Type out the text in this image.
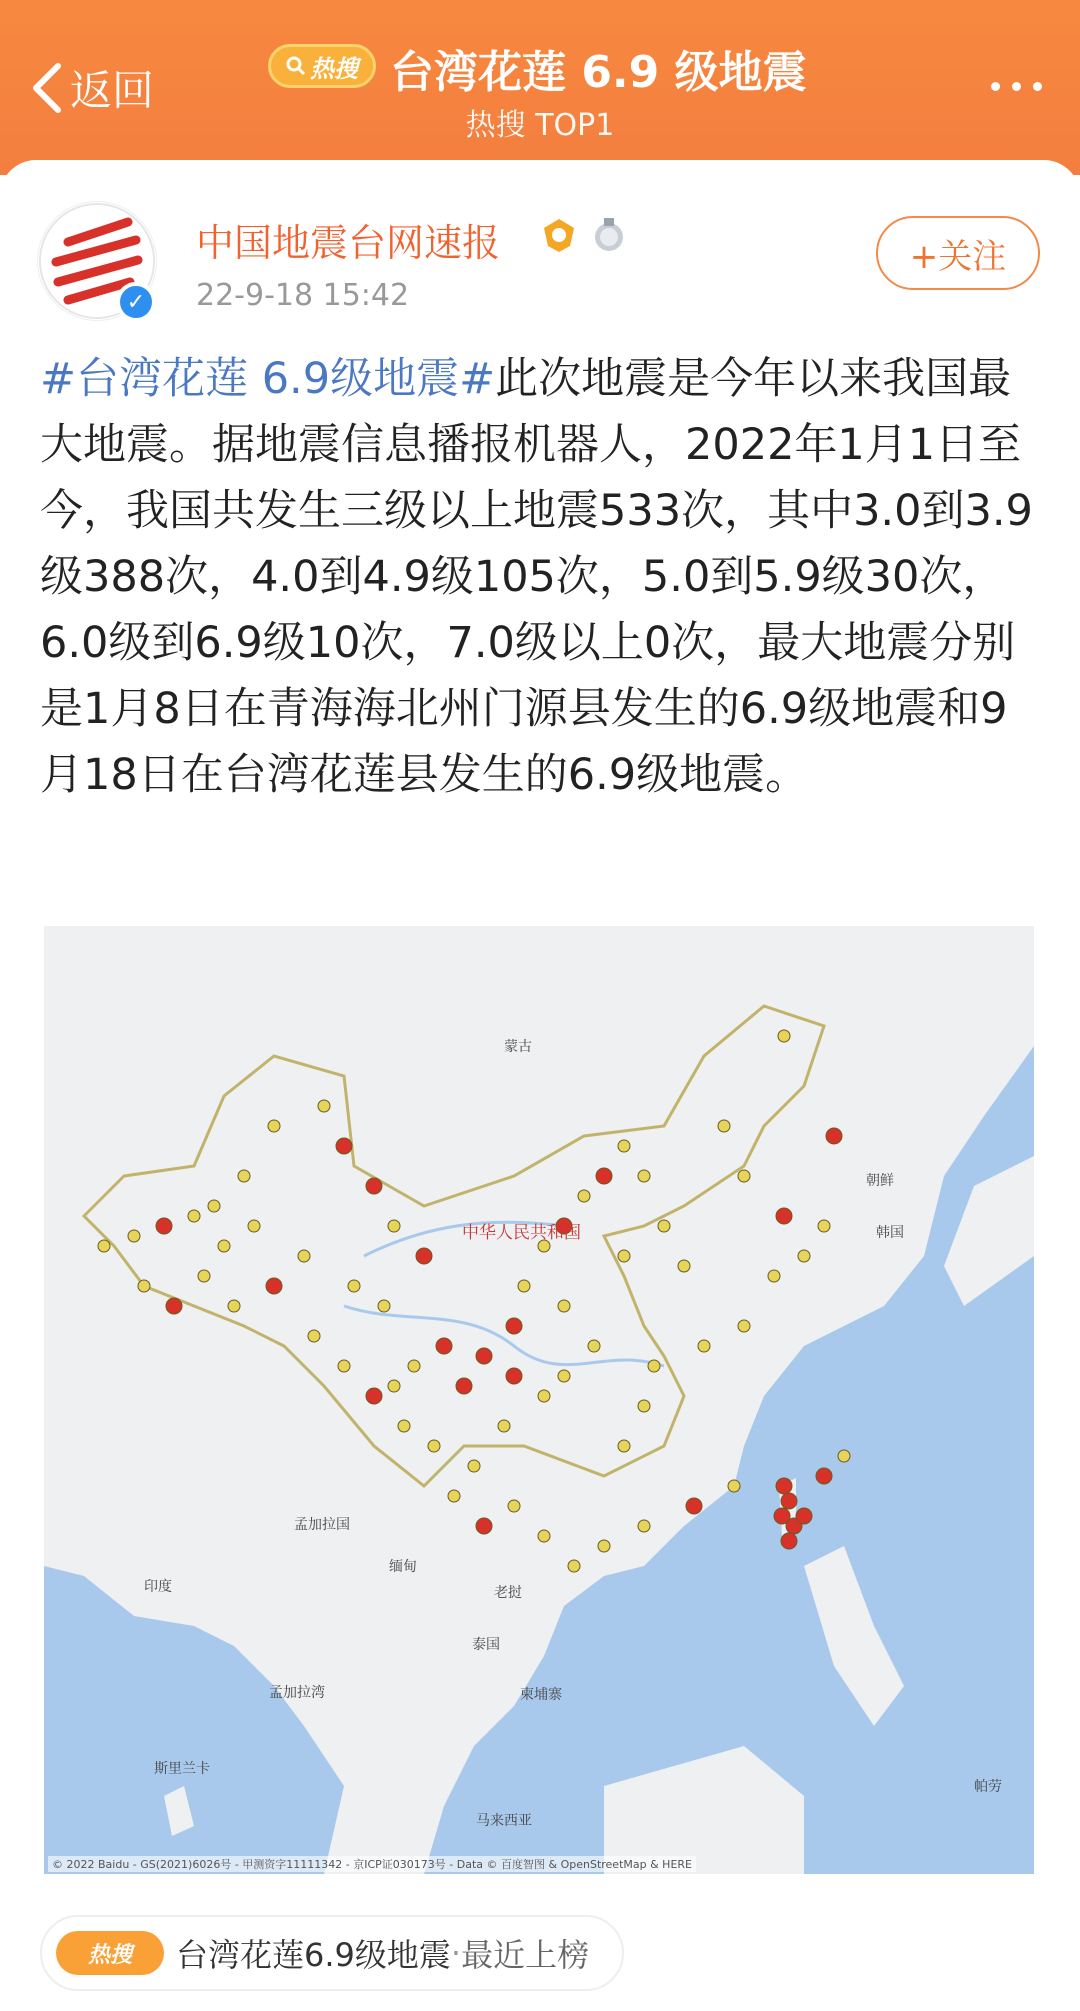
返回	热搜 台湾花莲 6.9 级地震
热搜 TOP1
✓
中国地震台网速报
22-9-18 15:42
+关注
#台湾花莲 6.9级地震#此次地震是今年以来我国最大地震。据地震信息播报机器人，2022年1月1日至今，我国共发生三级以上地震533次，其中3.0到3.9级388次，4.0到4.9级105次，5.0到5.9级30次，6.0级到6.9级10次，7.0级以上0次，最大地震分别是1月8日在青海海北州门源县发生的6.9级地震和9月18日在台湾花莲县发生的6.9级地震。
蒙古
中华人民共和国
朝鲜
韩国
印度
孟加拉国
缅甸
老挝
泰国
柬埔寨
孟加拉湾
斯里兰卡
马来西亚
帕劳
© 2022 Baidu - GS(2021)6026号 - 甲测资字11111342 - 京ICP证030173号 - Data © 百度智图 & OpenStreetMap & HERE
热搜 台湾花莲6.9级地震 · 最近上榜
